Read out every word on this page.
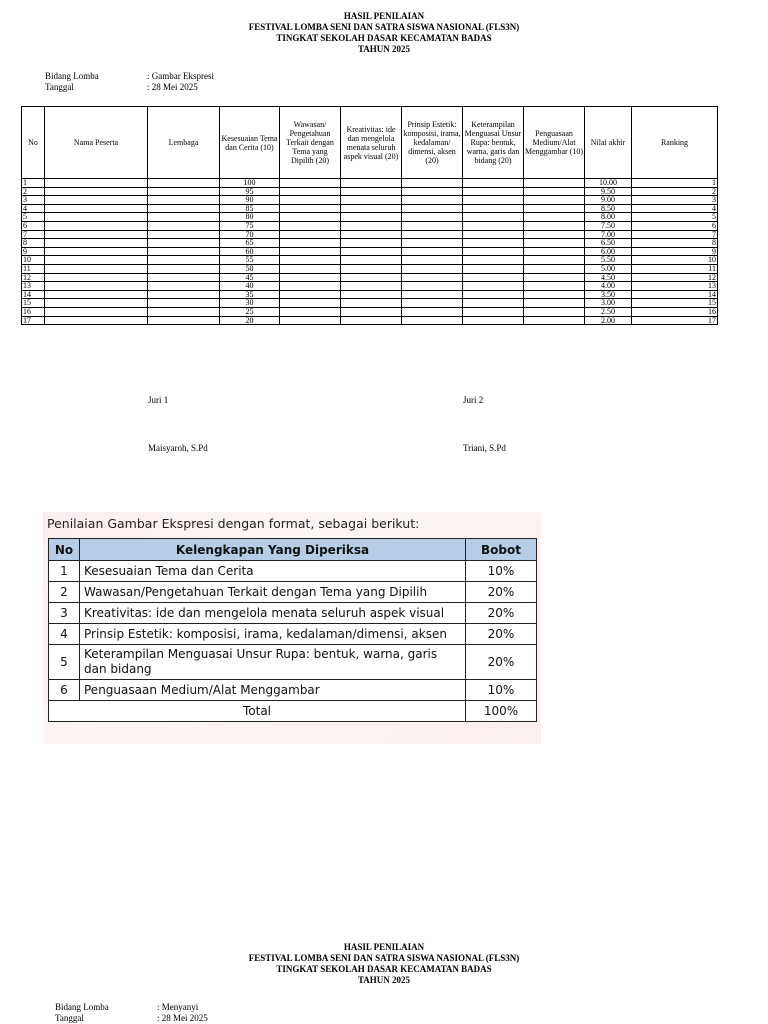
HASIL PENILAIAN
FESTIVAL LOMBA SENI DAN SATRA SISWA NASIONAL (FLS3N)
TINGKAT SEKOLAH DASAR KECAMATAN BADAS
TAHUN 2025
Bidang Lomba	: Gambar Ekspresi
Tanggal	: 28 Mei 2025
No	Nama Peserta	Lembaga	Kesesuaian Tema dan Cerita (10)	Wawasan/ Pengetahuan Terkait dengan Tema yang Dipilih (20)	Kreativitas: ide dan mengelola menata seluruh aspek visual (20)	Prinsip Estetik: komposisi, irama, kedalaman/ dimensi, aksen (20)	Keterampilan Menguasai Unsur Rupa: bentuk, warna, garis dan bidang (20)	Penguasaan Medium/Alat Menggambar (10)	Nilai akhir	Ranking
1			100						10.00	1
2			95						9.50	2
3			90						9.00	3
4			85						8.50	4
5			80						8.00	5
6			75						7.50	6
7			70						7.00	7
8			65						6.50	8
9			60						6.00	9
10			55						5.50	10
11			50						5.00	11
12			45						4.50	12
13			40						4.00	13
14			35						3.50	14
15			30						3.00	15
16			25						2.50	16
17			20						2.00	17
Juri 1	Juri 2
Maisyaroh, S.Pd	Triani, S.Pd
Penilaian Gambar Ekspresi dengan format, sebagai berikut:
No	Kelengkapan Yang Diperiksa	Bobot
1	Kesesuaian Tema dan Cerita	10%
2	Wawasan/Pengetahuan Terkait dengan Tema yang Dipilih	20%
3	Kreativitas: ide dan mengelola menata seluruh aspek visual	20%
4	Prinsip Estetik: komposisi, irama, kedalaman/dimensi, aksen	20%
5	Keterampilan Menguasai Unsur Rupa: bentuk, warna, garis dan bidang	20%
6	Penguasaan Medium/Alat Menggambar	10%
Total		100%
HASIL PENILAIAN
FESTIVAL LOMBA SENI DAN SATRA SISWA NASIONAL (FLS3N)
TINGKAT SEKOLAH DASAR KECAMATAN BADAS
TAHUN 2025
Bidang Lomba	: Menyanyi
Tanggal	: 28 Mei 2025
